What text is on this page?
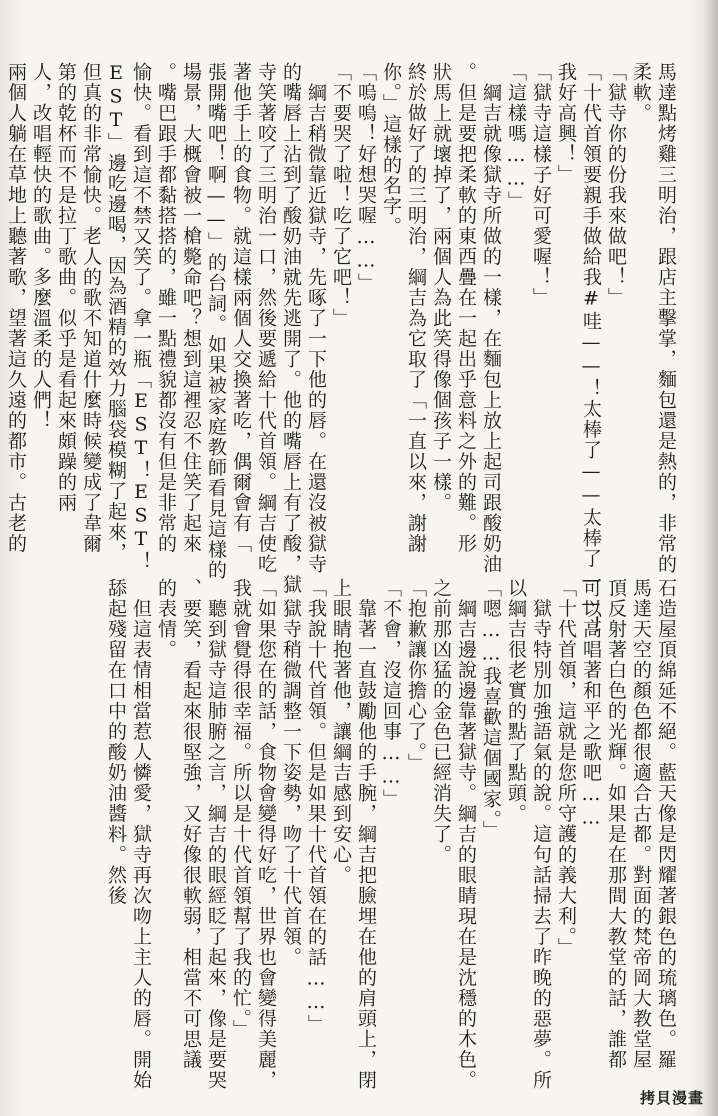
馬達點烤雞三明治，跟店主擊掌，麵包還是熱的，非常的
柔軟。
「獄寺你的份我來做吧！」
「十代首領要親手做給我#哇——！太棒了——太棒了——！
我好高興！」
「獄寺這樣子好可愛喔！」
「這樣嗎……」
　綱吉就像獄寺所做的一樣，在麵包上放上起司跟酸奶油
。但是要把柔軟的東西疊在一起出乎意料之外的難。形
狀馬上就壞掉了，兩個人為此笑得像個孩子一樣。
終於做好了的三明治，綱吉為它取了「一直以來，謝謝
你。」這樣的名字。
「嗚嗚！好想哭喔……」
「不要哭了啦！吃了它吧！」
　綱吉稍微靠近獄寺，先啄了一下他的唇。在還沒被獄寺
的嘴唇上沾到了酸奶油就先逃開了。他的嘴唇上有了酸，獄
寺笑著咬了三明治一口，然後要遞給十代首領。綱吉使吃
著他手上的食物。就這樣兩個人交換著吃，偶爾會有「
張開嘴吧！啊——」的台詞。如果被家庭教師看見這樣的
場景，大概會被一槍斃命吧？想到這裡忍不住笑了起來
。嘴巴跟手都黏搭搭的，雖一點禮貌都沒有但是非常的
愉快。看到這不禁又笑了。拿一瓶「EST！EST！
EST」邊吃邊喝，因為酒精的效力腦袋模糊了起來，
但真的非常愉快。老人的歌不知道什麼時候變成了韋爾
第的乾杯而不是拉丁歌曲。似乎是看起來頗躁的兩
人，改唱輕快的歌曲。多麼溫柔的人們！
兩個人躺在草地上聽著歌，望著這久遠的都市。古老的
石造屋頂綿延不絕。藍天像是閃耀著銀色的琉璃色。羅
馬達天空的顏色都很適合古都。對面的梵帝岡大教堂屋
頂反射著白色的光輝。如果是在那間大教堂的話，誰都
可以高唱著和平之歌吧……
「十代首領，這就是您所守護的義大利。」
　獄寺特別加強語氣的說。這句話掃去了昨晚的惡夢。所
以綱吉很老實的點了點頭。
「嗯……我喜歡這個國家。」
　綱吉邊說邊靠著獄寺。綱吉的眼睛現在是沈穩的木色。
之前那凶猛的金色已經消失了。
「抱歉讓你擔心了。」
「不會，沒這回事……」
　靠著一直鼓勵他的手腕，綱吉把臉埋在他的肩頭上，閉
上眼睛抱著他，讓綱吉感到安心。
「我說十代首領。但是如果十代首領在的話……」
　獄寺稍微調整一下姿勢，吻了十代首領。
「如果您在的話，食物會變得好吃，世界也會變得美麗，
我就會覺得很幸福。所以是十代首領幫了我的忙。」
　聽到獄寺這肺腑之言，綱吉的眼經眨了起來，像是要哭
、要笑，看起來很堅強，又好像很軟弱，相當不可思議
的表情。
　但這表情相當惹人憐愛，獄寺再次吻上主人的唇。開始
舔起殘留在口中的酸奶油醬料。然後
拷貝漫畫
